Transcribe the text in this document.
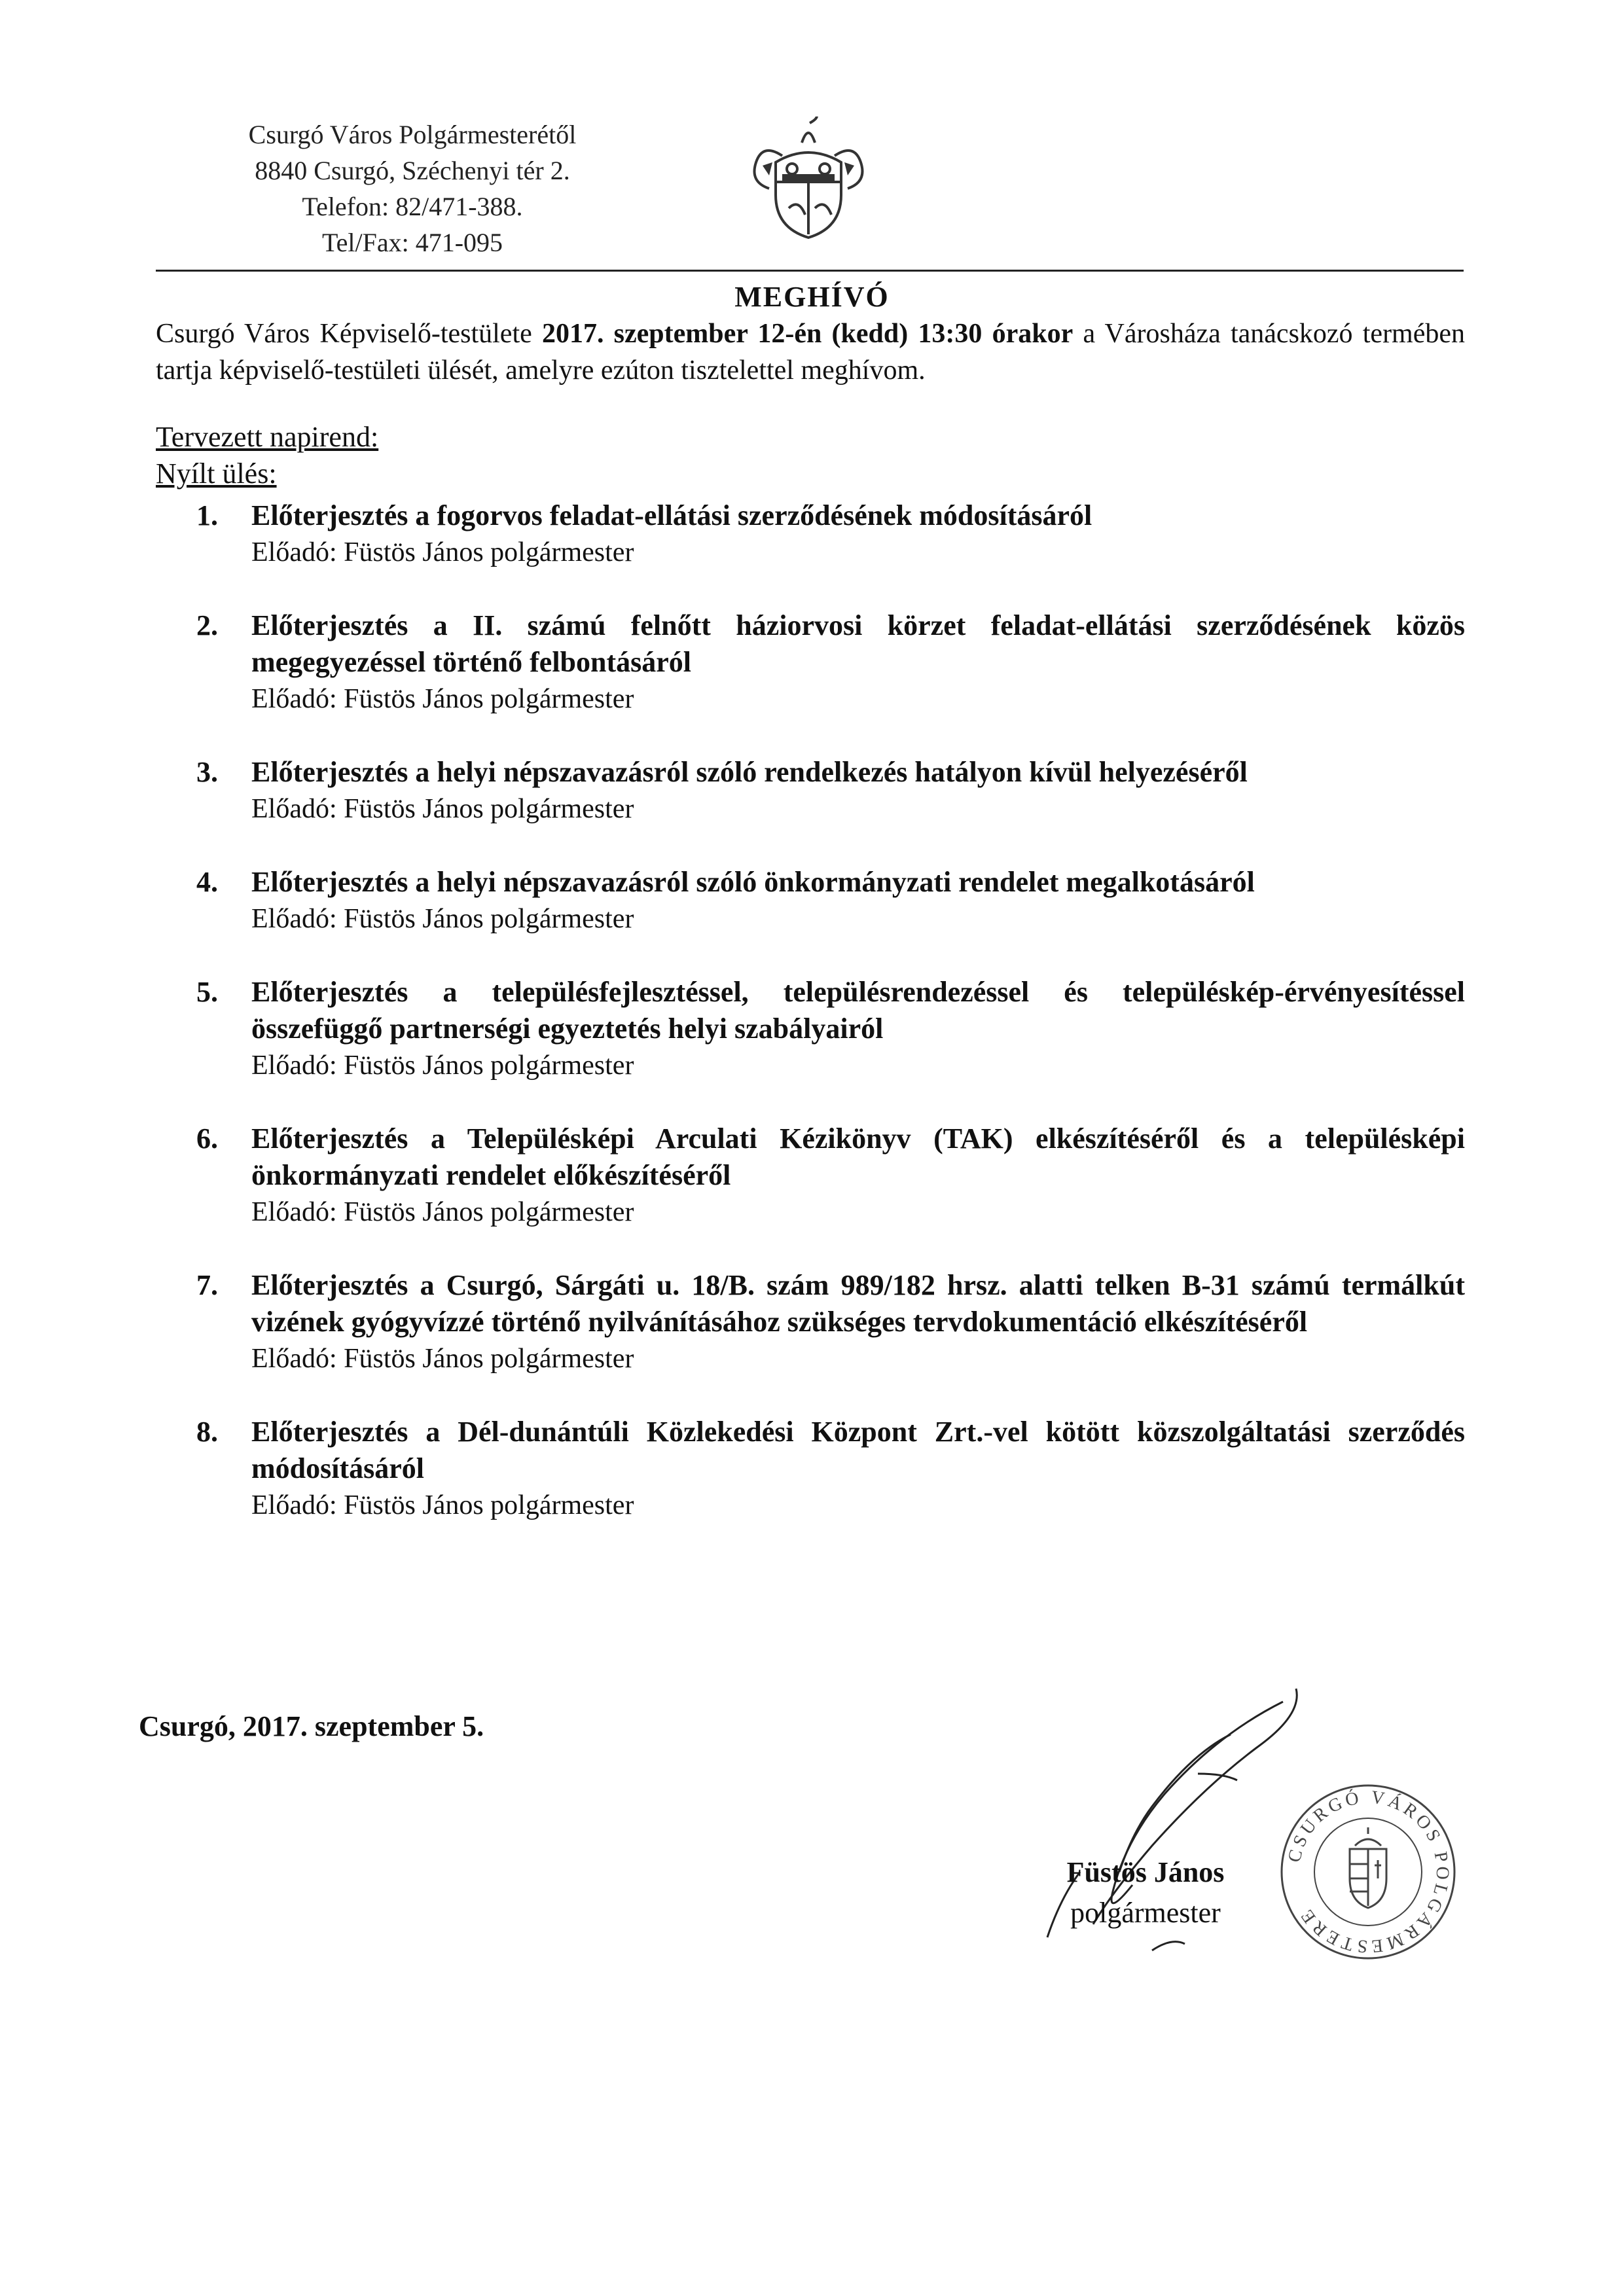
Csurgó Város Polgármesterétől
8840 Csurgó, Széchenyi tér 2.
Telefon: 82/471-388.
Tel/Fax: 471-095
MEGHÍVÓ
Csurgó Város Képviselő-testülete 2017. szeptember 12-én (kedd) 13:30 órakor a Városháza tanácskozó termében tartja képviselő-testületi ülését, amelyre ezúton tisztelettel meghívom.
Tervezett napirend:
Nyílt ülés:
1. Előterjesztés a fogorvos feladat-ellátási szerződésének módosításáról
Előadó: Füstös János polgármester
2. Előterjesztés a II. számú felnőtt háziorvosi körzet feladat-ellátási szerződésének közös megegyezéssel történő felbontásáról
Előadó: Füstös János polgármester
3. Előterjesztés a helyi népszavazásról szóló rendelkezés hatályon kívül helyezéséről
Előadó: Füstös János polgármester
4. Előterjesztés a helyi népszavazásról szóló önkormányzati rendelet megalkotásáról
Előadó: Füstös János polgármester
5. Előterjesztés a településfejlesztéssel, településrendezéssel és településkép-érvényesítéssel összefüggő partnerségi egyeztetés helyi szabályairól
Előadó: Füstös János polgármester
6. Előterjesztés a Településképi Arculati Kézikönyv (TAK) elkészítéséről és a településképi önkormányzati rendelet előkészítéséről
Előadó: Füstös János polgármester
7. Előterjesztés a Csurgó, Sárgáti u. 18/B. szám 989/182 hrsz. alatti telken B-31 számú termálkút vizének gyógyvízzé történő nyilvánításához szükséges tervdokumentáció elkészítéséről
Előadó: Füstös János polgármester
8. Előterjesztés a Dél-dunántúli Közlekedési Központ Zrt.-vel kötött közszolgáltatási szerződés módosításáról
Előadó: Füstös János polgármester
Csurgó, 2017. szeptember 5.
Füstös János
polgármester
CSURGÓ VÁROS POLGÁRMESTERE
